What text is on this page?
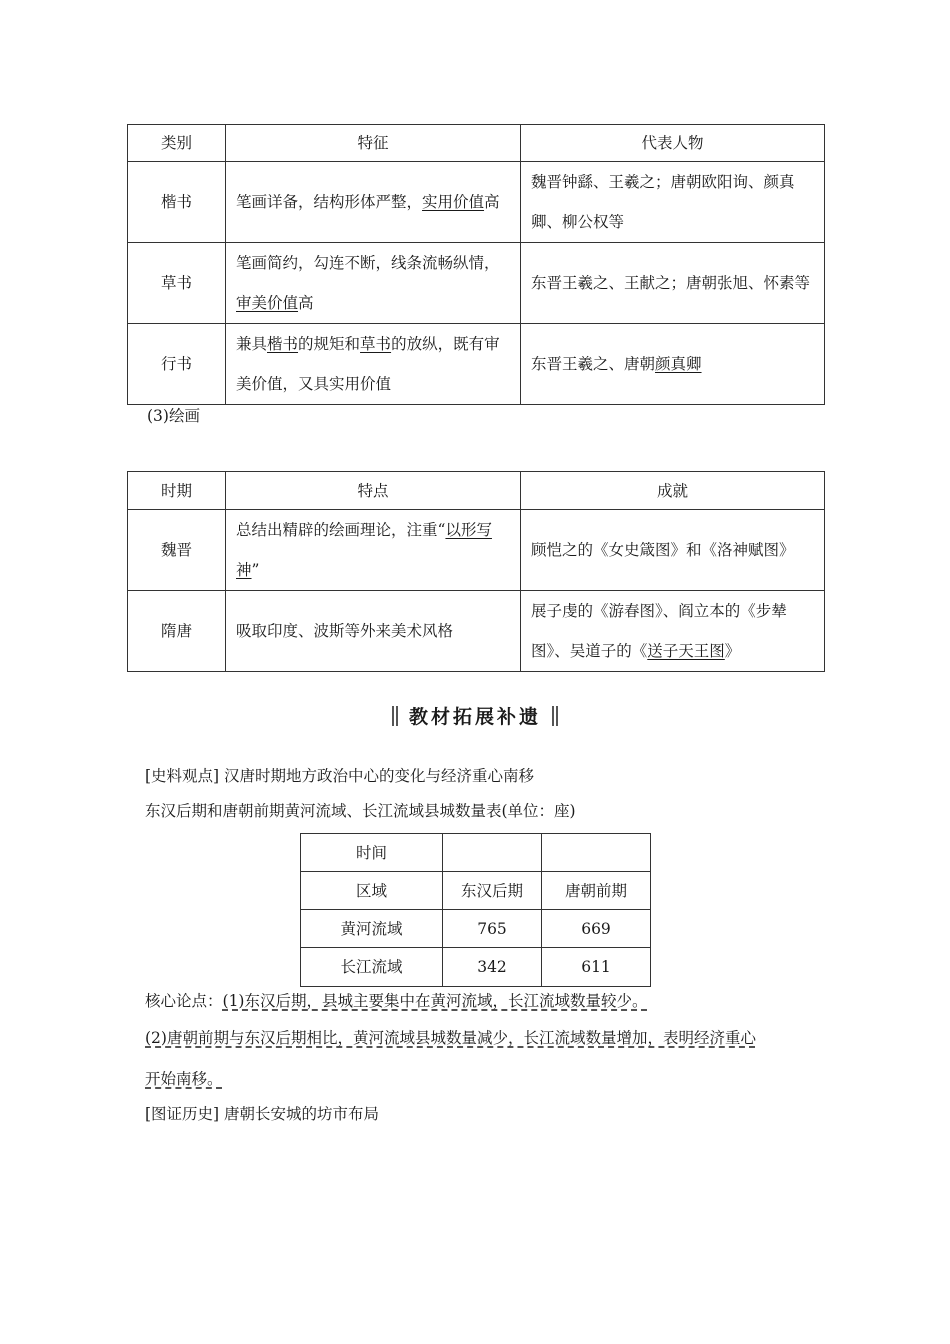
类别	特征	代表人物
楷书	笔画详备，结构形体严整，实用价值高	魏晋钟繇、王羲之；唐朝欧阳询、颜真卿、柳公权等
草书	笔画简约，勾连不断，线条流畅纵情，审美价值高	东晋王羲之、王献之；唐朝张旭、怀素等
行书	兼具楷书的规矩和草书的放纵，既有审美价值，又具实用价值	东晋王羲之、唐朝颜真卿
(3)绘画
时期	特点	成就
魏晋	总结出精辟的绘画理论，注重“以形写神”	顾恺之的《女史箴图》和《洛神赋图》
隋唐	吸取印度、波斯等外来美术风格	展子虔的《游春图》、阎立本的《步辇图》、吴道子的《送子天王图》
教材拓展补遗
[史料观点] 汉唐时期地方政治中心的变化与经济重心南移
东汉后期和唐朝前期黄河流域、长江流域县城数量表(单位：座)
时间		
区域	东汉后期	唐朝前期
黄河流域	765	669
长江流域	342	611
核心论点：(1)东汉后期，县城主要集中在黄河流域，长江流域数量较少。
(2)唐朝前期与东汉后期相比，黄河流域县城数量减少，长江流域数量增加，表明经济重心
开始南移。
[图证历史] 唐朝长安城的坊市布局
